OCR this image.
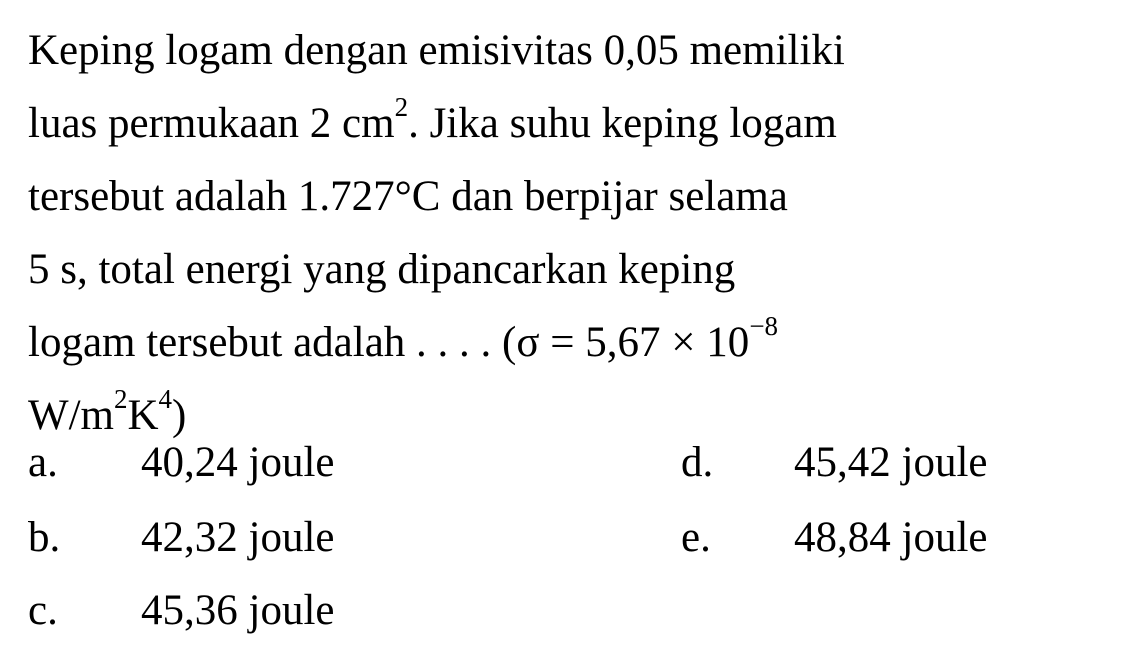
Keping logam dengan emisivitas 0,05 memiliki
luas permukaan 2 $cm^2$. Jika suhu keping logam
tersebut adalah 1.727°C dan berpijar selama
5 s, total energi yang dipancarkan keping
logam tersebut adalah . . . . ($\sigma = 5,67 \times 10^{-8}$
$W/m^2K^4$)
a. 40,24 joule
b. 42,32 joule
c. 45,36 joule
d. 45,42 joule
e. 48,84 joule
